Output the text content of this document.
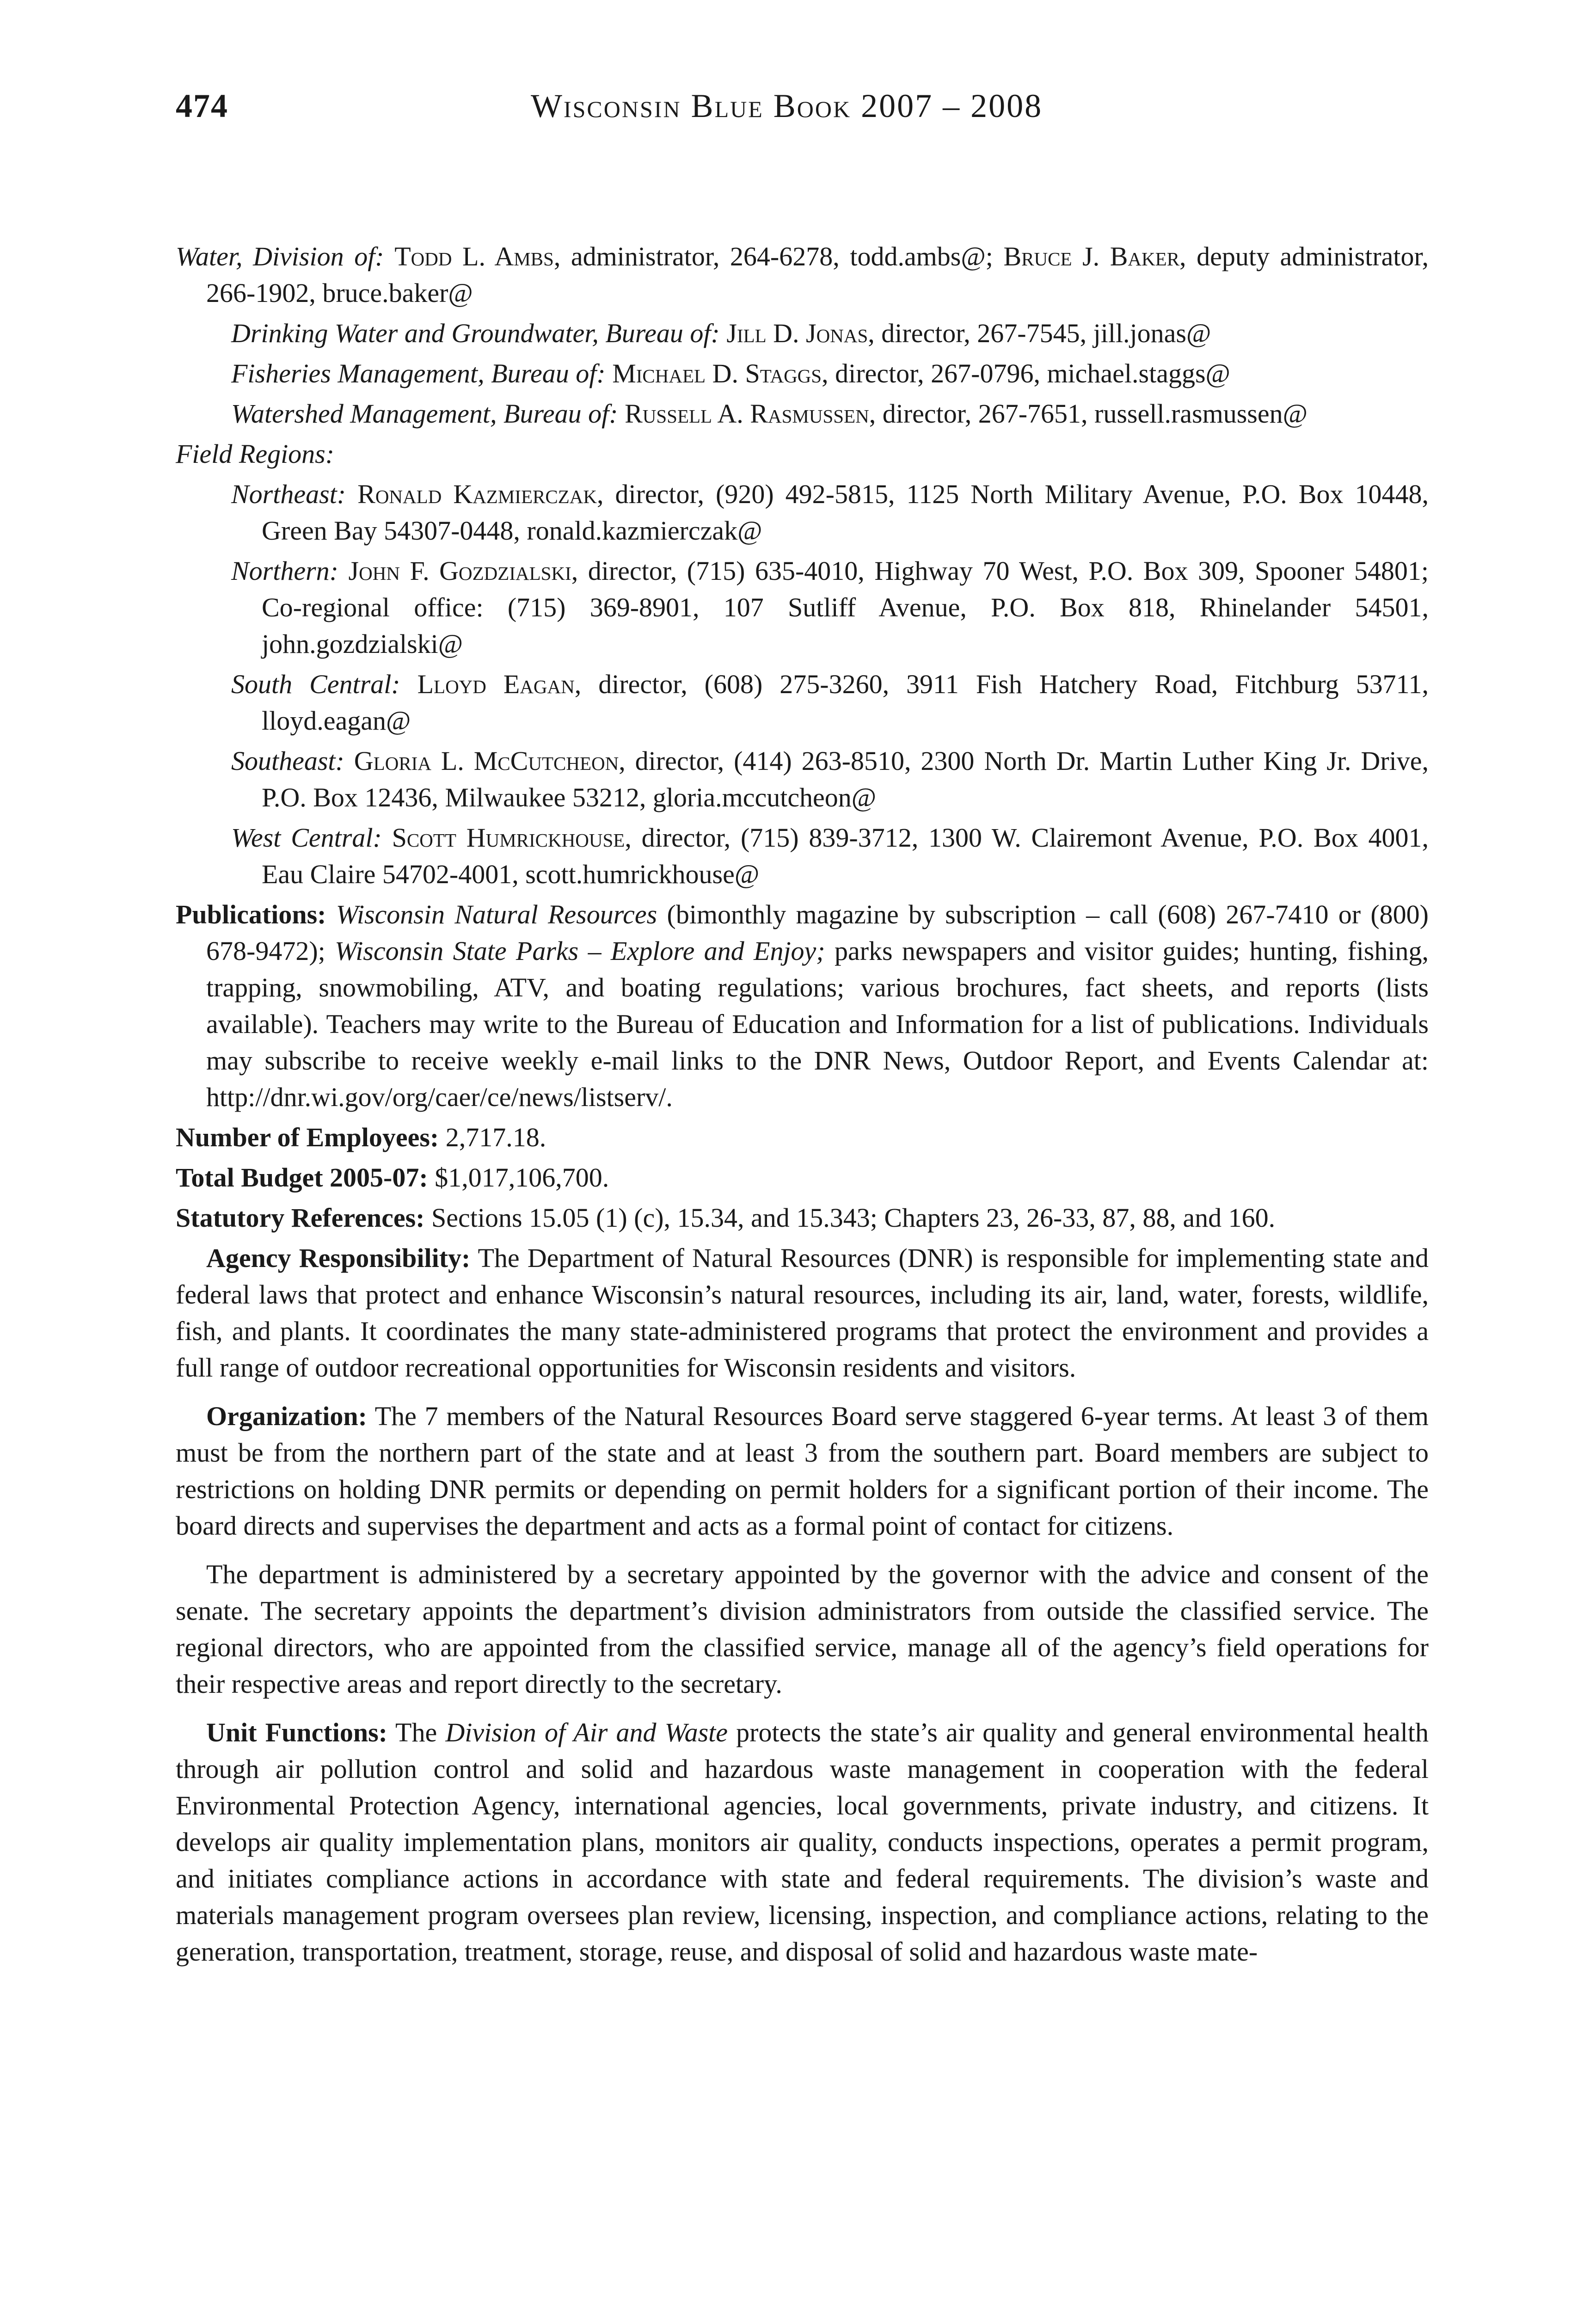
474	Wisconsin Blue Book 2007 – 2008

Water, Division of: Todd L. Ambs, administrator, 264-6278, todd.ambs@; Bruce J. Baker, deputy administrator, 266-1902, bruce.baker@

Drinking Water and Groundwater, Bureau of: Jill D. Jonas, director, 267-7545, jill.jonas@

Fisheries Management, Bureau of: Michael D. Staggs, director, 267-0796, michael.staggs@

Watershed Management, Bureau of: Russell A. Rasmussen, director, 267-7651, russell.rasmussen@

Field Regions:

Northeast: Ronald Kazmierczak, director, (920) 492-5815, 1125 North Military Avenue, P.O. Box 10448, Green Bay 54307-0448, ronald.kazmierczak@

Northern: John F. Gozdzialski, director, (715) 635-4010, Highway 70 West, P.O. Box 309, Spooner 54801; Co-regional office: (715) 369-8901, 107 Sutliff Avenue, P.O. Box 818, Rhinelander 54501, john.gozdzialski@

South Central: Lloyd Eagan, director, (608) 275-3260, 3911 Fish Hatchery Road, Fitchburg 53711, lloyd.eagan@

Southeast: Gloria L. McCutcheon, director, (414) 263-8510, 2300 North Dr. Martin Luther King Jr. Drive, P.O. Box 12436, Milwaukee 53212, gloria.mccutcheon@

West Central: Scott Humrickhouse, director, (715) 839-3712, 1300 W. Clairemont Avenue, P.O. Box 4001, Eau Claire 54702-4001, scott.humrickhouse@

Publications: Wisconsin Natural Resources (bimonthly magazine by subscription – call (608) 267-7410 or (800) 678-9472); Wisconsin State Parks – Explore and Enjoy; parks newspapers and visitor guides; hunting, fishing, trapping, snowmobiling, ATV, and boating regulations; various brochures, fact sheets, and reports (lists available). Teachers may write to the Bureau of Education and Information for a list of publications. Individuals may subscribe to receive weekly e-mail links to the DNR News, Outdoor Report, and Events Calendar at: http://dnr.wi.gov/org/caer/ce/news/listserv/.

Number of Employees: 2,717.18.

Total Budget 2005-07: $1,017,106,700.

Statutory References: Sections 15.05 (1) (c), 15.34, and 15.343; Chapters 23, 26-33, 87, 88, and 160.

Agency Responsibility: The Department of Natural Resources (DNR) is responsible for implementing state and federal laws that protect and enhance Wisconsin’s natural resources, including its air, land, water, forests, wildlife, fish, and plants. It coordinates the many state-administered programs that protect the environment and provides a full range of outdoor recreational opportunities for Wisconsin residents and visitors.

Organization: The 7 members of the Natural Resources Board serve staggered 6-year terms. At least 3 of them must be from the northern part of the state and at least 3 from the southern part. Board members are subject to restrictions on holding DNR permits or depending on permit holders for a significant portion of their income. The board directs and supervises the department and acts as a formal point of contact for citizens.

The department is administered by a secretary appointed by the governor with the advice and consent of the senate. The secretary appoints the department’s division administrators from outside the classified service. The regional directors, who are appointed from the classified service, manage all of the agency’s field operations for their respective areas and report directly to the secretary.

Unit Functions: The Division of Air and Waste protects the state’s air quality and general environmental health through air pollution control and solid and hazardous waste management in cooperation with the federal Environmental Protection Agency, international agencies, local governments, private industry, and citizens. It develops air quality implementation plans, monitors air quality, conducts inspections, operates a permit program, and initiates compliance actions in accordance with state and federal requirements. The division’s waste and materials management program oversees plan review, licensing, inspection, and compliance actions, relating to the generation, transportation, treatment, storage, reuse, and disposal of solid and hazardous waste mate-
